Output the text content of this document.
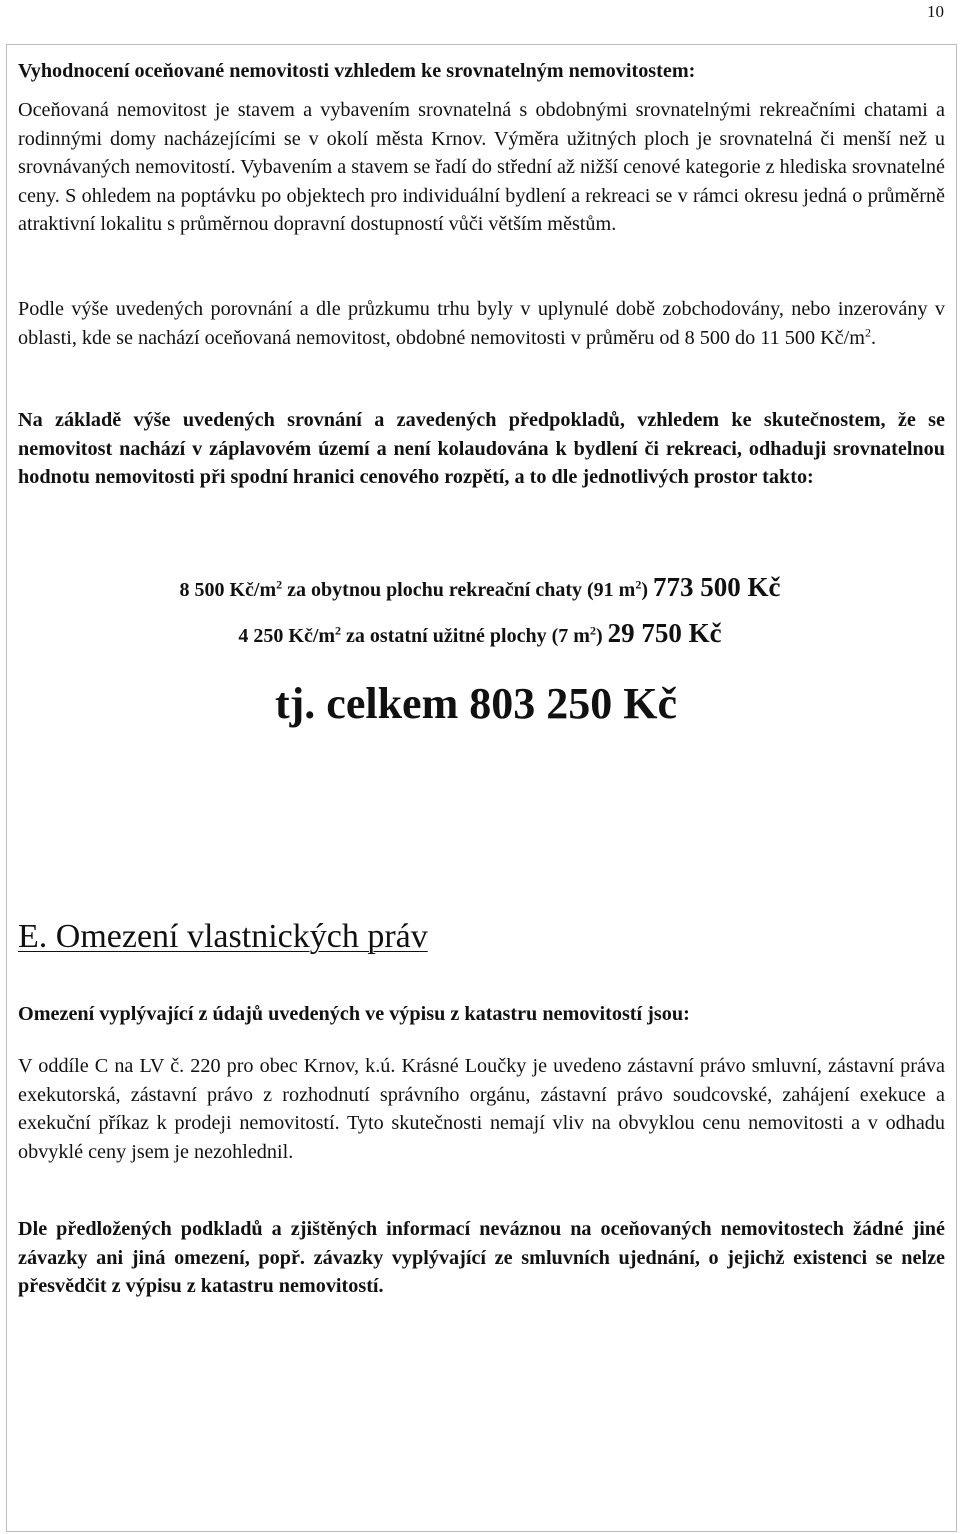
10

Vyhodnocení oceňované nemovitosti vzhledem ke srovnatelným nemovitostem:

Oceňovaná nemovitost je stavem a vybavením srovnatelná s obdobnými srovnatelnými rekreačními chatami a rodinnými domy nacházejícími se v okolí města Krnov. Výměra užitných ploch je srovnatelná či menší než u srovnávaných nemovitostí. Vybavením a stavem se řadí do střední až nižší cenové kategorie z hlediska srovnatelné ceny. S ohledem na poptávku po objektech pro individuální bydlení a rekreaci se v rámci okresu jedná o průměrně atraktivní lokalitu s průměrnou dopravní dostupností vůči větším městům.

Podle výše uvedených porovnání a dle průzkumu trhu byly v uplynulé době zobchodovány, nebo inzerovány v oblasti, kde se nachází oceňovaná nemovitost, obdobné nemovitosti v průměru od 8 500 do 11 500 $Kč/m^2$.

Na základě výše uvedených srovnání a zavedených předpokladů, vzhledem ke skutečnostem, že se nemovitost nachází v záplavovém území a není kolaudována k bydlení či rekreaci, odhaduji srovnatelnou hodnotu nemovitosti při spodní hranici cenového rozpětí, a to dle jednotlivých prostor takto:

8 500 $Kč/m^2$ za obytnou plochu rekreační chaty (91 $m^2$) 773 500 Kč
4 250 $Kč/m^2$ za ostatní užitné plochy (7 $m^2$) 29 750 Kč
tj. celkem 803 250 Kč
E. Omezení vlastnických práv

Omezení vyplývající z údajů uvedených ve výpisu z katastru nemovitostí jsou:

V oddíle C na LV č. 220 pro obec Krnov, k.ú. Krásné Loučky je uvedeno zástavní právo smluvní, zástavní práva exekutorská, zástavní právo z rozhodnutí správního orgánu, zástavní právo soudcovské, zahájení exekuce a exekuční příkaz k prodeji nemovitostí. Tyto skutečnosti nemají vliv na obvyklou cenu nemovitosti a v odhadu obvyklé ceny jsem je nezohlednil.

Dle předložených podkladů a zjištěných informací neváznou na oceňovaných nemovitostech žádné jiné závazky ani jiná omezení, popř. závazky vyplývající ze smluvních ujednání, o jejichž existenci se nelze přesvědčit z výpisu z katastru nemovitostí.
